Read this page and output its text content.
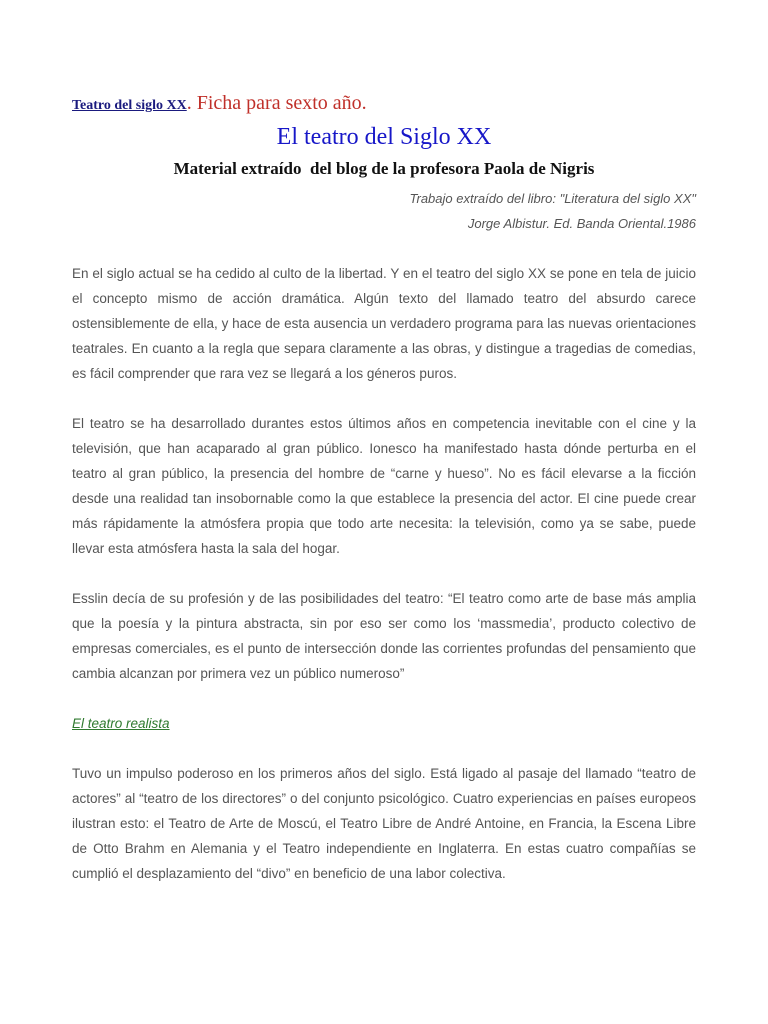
Teatro del siglo XX. Ficha para sexto año.

El teatro del Siglo XX
Material extraído  del blog de la profesora Paola de Nigris
Trabajo extraído del libro: "Literatura del siglo XX"
Jorge Albistur. Ed. Banda Oriental.1986

En el siglo actual se ha cedido al culto de la libertad. Y en el teatro del siglo XX se pone en tela de juicio el concepto mismo de acción dramática. Algún texto del llamado teatro del absurdo carece ostensiblemente de ella, y hace de esta ausencia un verdadero programa para las nuevas orientaciones teatrales. En cuanto a la regla que separa claramente a las obras, y distingue a tragedias de comedias, es fácil comprender que rara vez se llegará a los géneros puros.

El teatro se ha desarrollado durantes estos últimos años en competencia inevitable con el cine y la televisión, que han acaparado al gran público. Ionesco ha manifestado hasta dónde perturba en el teatro al gran público, la presencia del hombre de “carne y hueso”. No es fácil elevarse a la ficción desde una realidad tan insobornable como la que establece la presencia del actor. El cine puede crear más rápidamente la atmósfera propia que todo arte necesita: la televisión, como ya se sabe, puede llevar esta atmósfera hasta la sala del hogar.

Esslin decía de su profesión y de las posibilidades del teatro: “El teatro como arte de base más amplia que la poesía y la pintura abstracta, sin por eso ser como los ‘massmedia’, producto colectivo de empresas comerciales, es el punto de intersección donde las corrientes profundas del pensamiento que cambia alcanzan por primera vez un público numeroso”

El teatro realista

Tuvo un impulso poderoso en los primeros años del siglo. Está ligado al pasaje del llamado “teatro de actores” al “teatro de los directores” o del conjunto psicológico. Cuatro experiencias en países europeos ilustran esto: el Teatro de Arte de Moscú, el Teatro Libre de André Antoine, en Francia, la Escena Libre de Otto Brahm en Alemania y el Teatro independiente en Inglaterra. En estas cuatro compañías se cumplió el desplazamiento del “divo” en beneficio de una labor colectiva.
